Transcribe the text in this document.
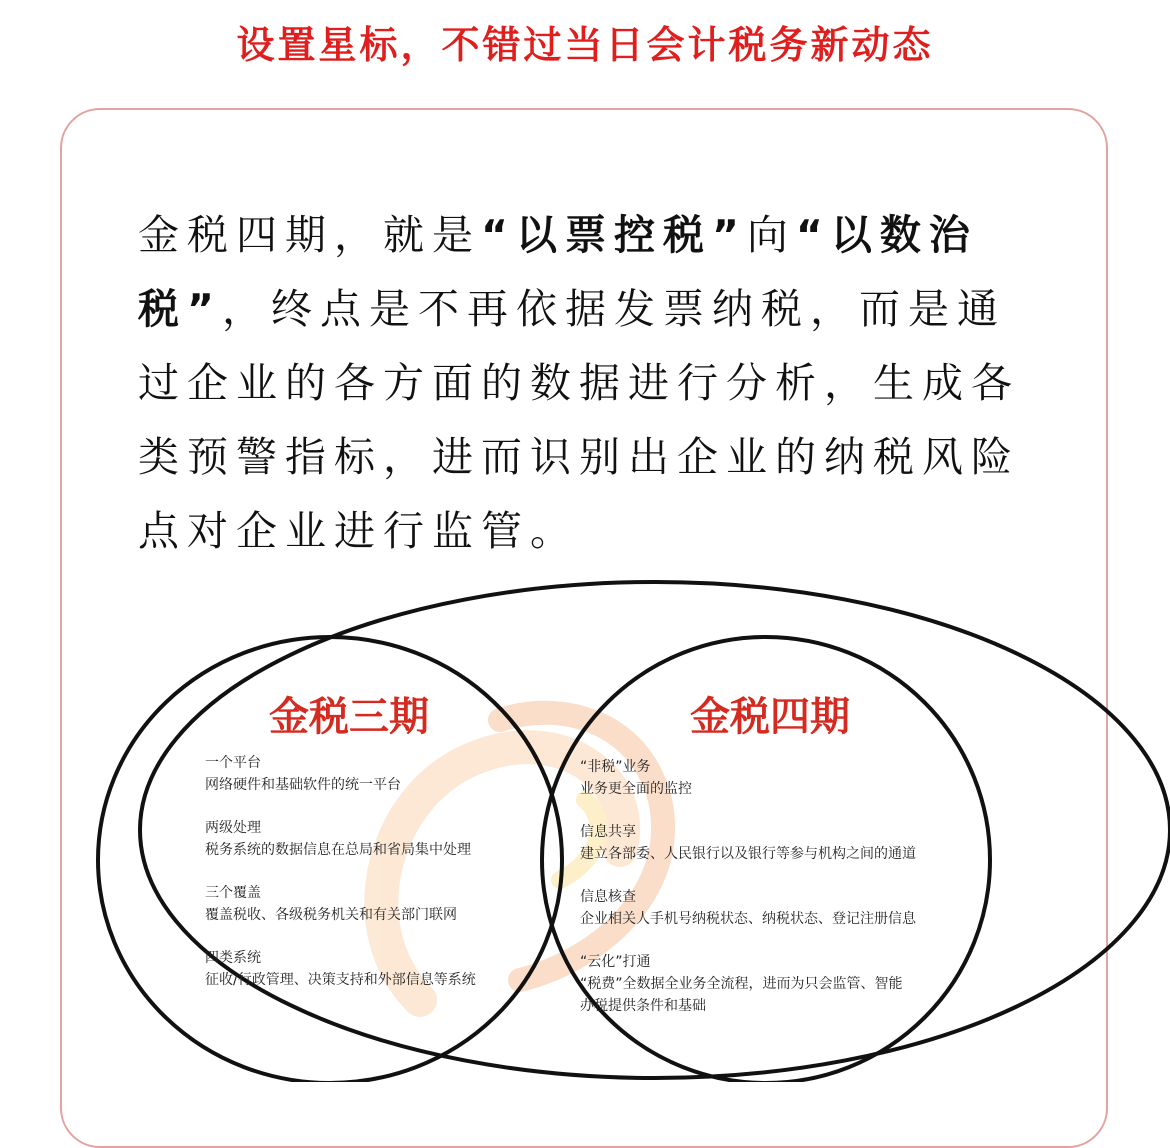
设置星标，不错过当日会计税务新动态
金税四期，就是“以票控税”向“以数治税”，终点是不再依据发票纳税，而是通过企业的各方面的数据进行分析，生成各类预警指标，进而识别出企业的纳税风险点对企业进行监管。
金税三期	金税四期
一个平台
网络硬件和基础软件的统一平台
两级处理
税务系统的数据信息在总局和省局集中处理
三个覆盖
覆盖税收、各级税务机关和有关部门联网
四类系统
征收/行政管理、决策支持和外部信息等系统
“非税”业务
业务更全面的监控
信息共享
建立各部委、人民银行以及银行等参与机构之间的通道
信息核查
企业相关人手机号纳税状态、纳税状态、登记注册信息
“云化”打通
“税费”全数据全业务全流程，进而为只会监管、智能
办税提供条件和基础
